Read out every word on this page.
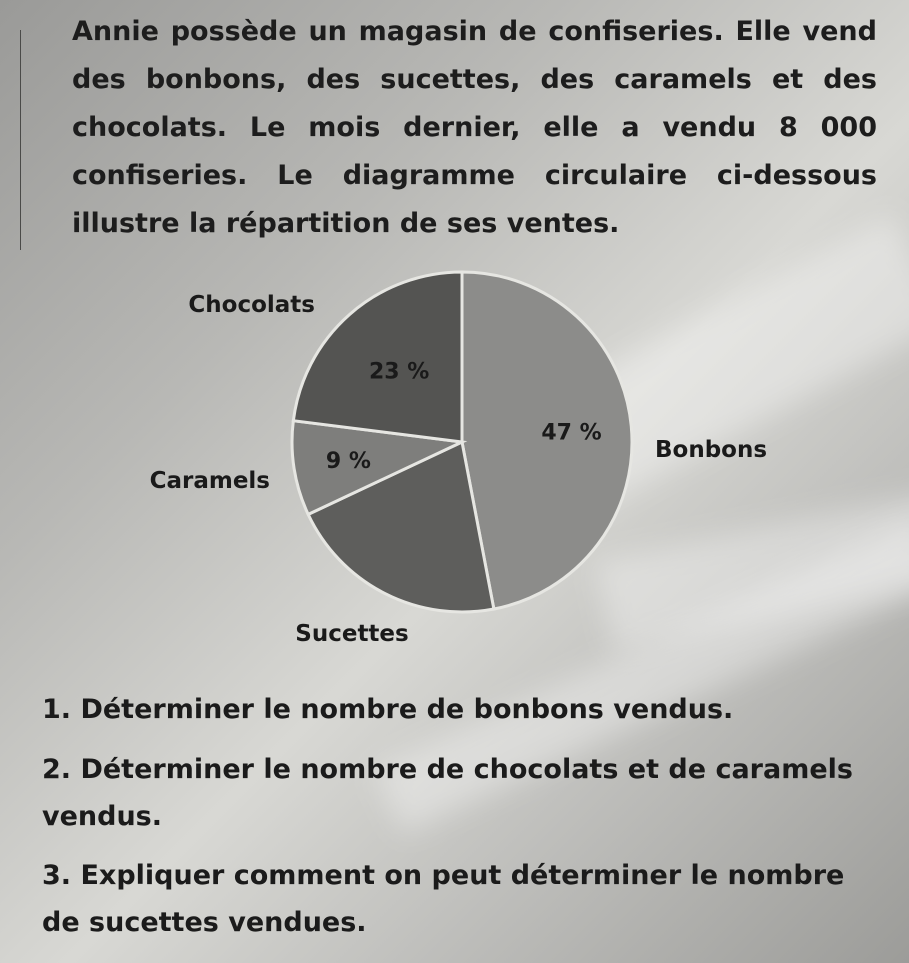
Annie possède un magasin de confiseries. Elle vend des bonbons, des sucettes, des caramels et des chocolats. Le mois dernier, elle a vendu 8 000 confiseries. Le diagramme circulaire ci-dessous illustre la répartition de ses ventes.
47 %
9 %
23 %
Bonbons
Sucettes
Caramels
Chocolats
1. Déterminer le nombre de bonbons vendus.
2. Déterminer le nombre de chocolats et de caramels vendus.
3. Expliquer comment on peut déterminer le nombre de sucettes vendues.
